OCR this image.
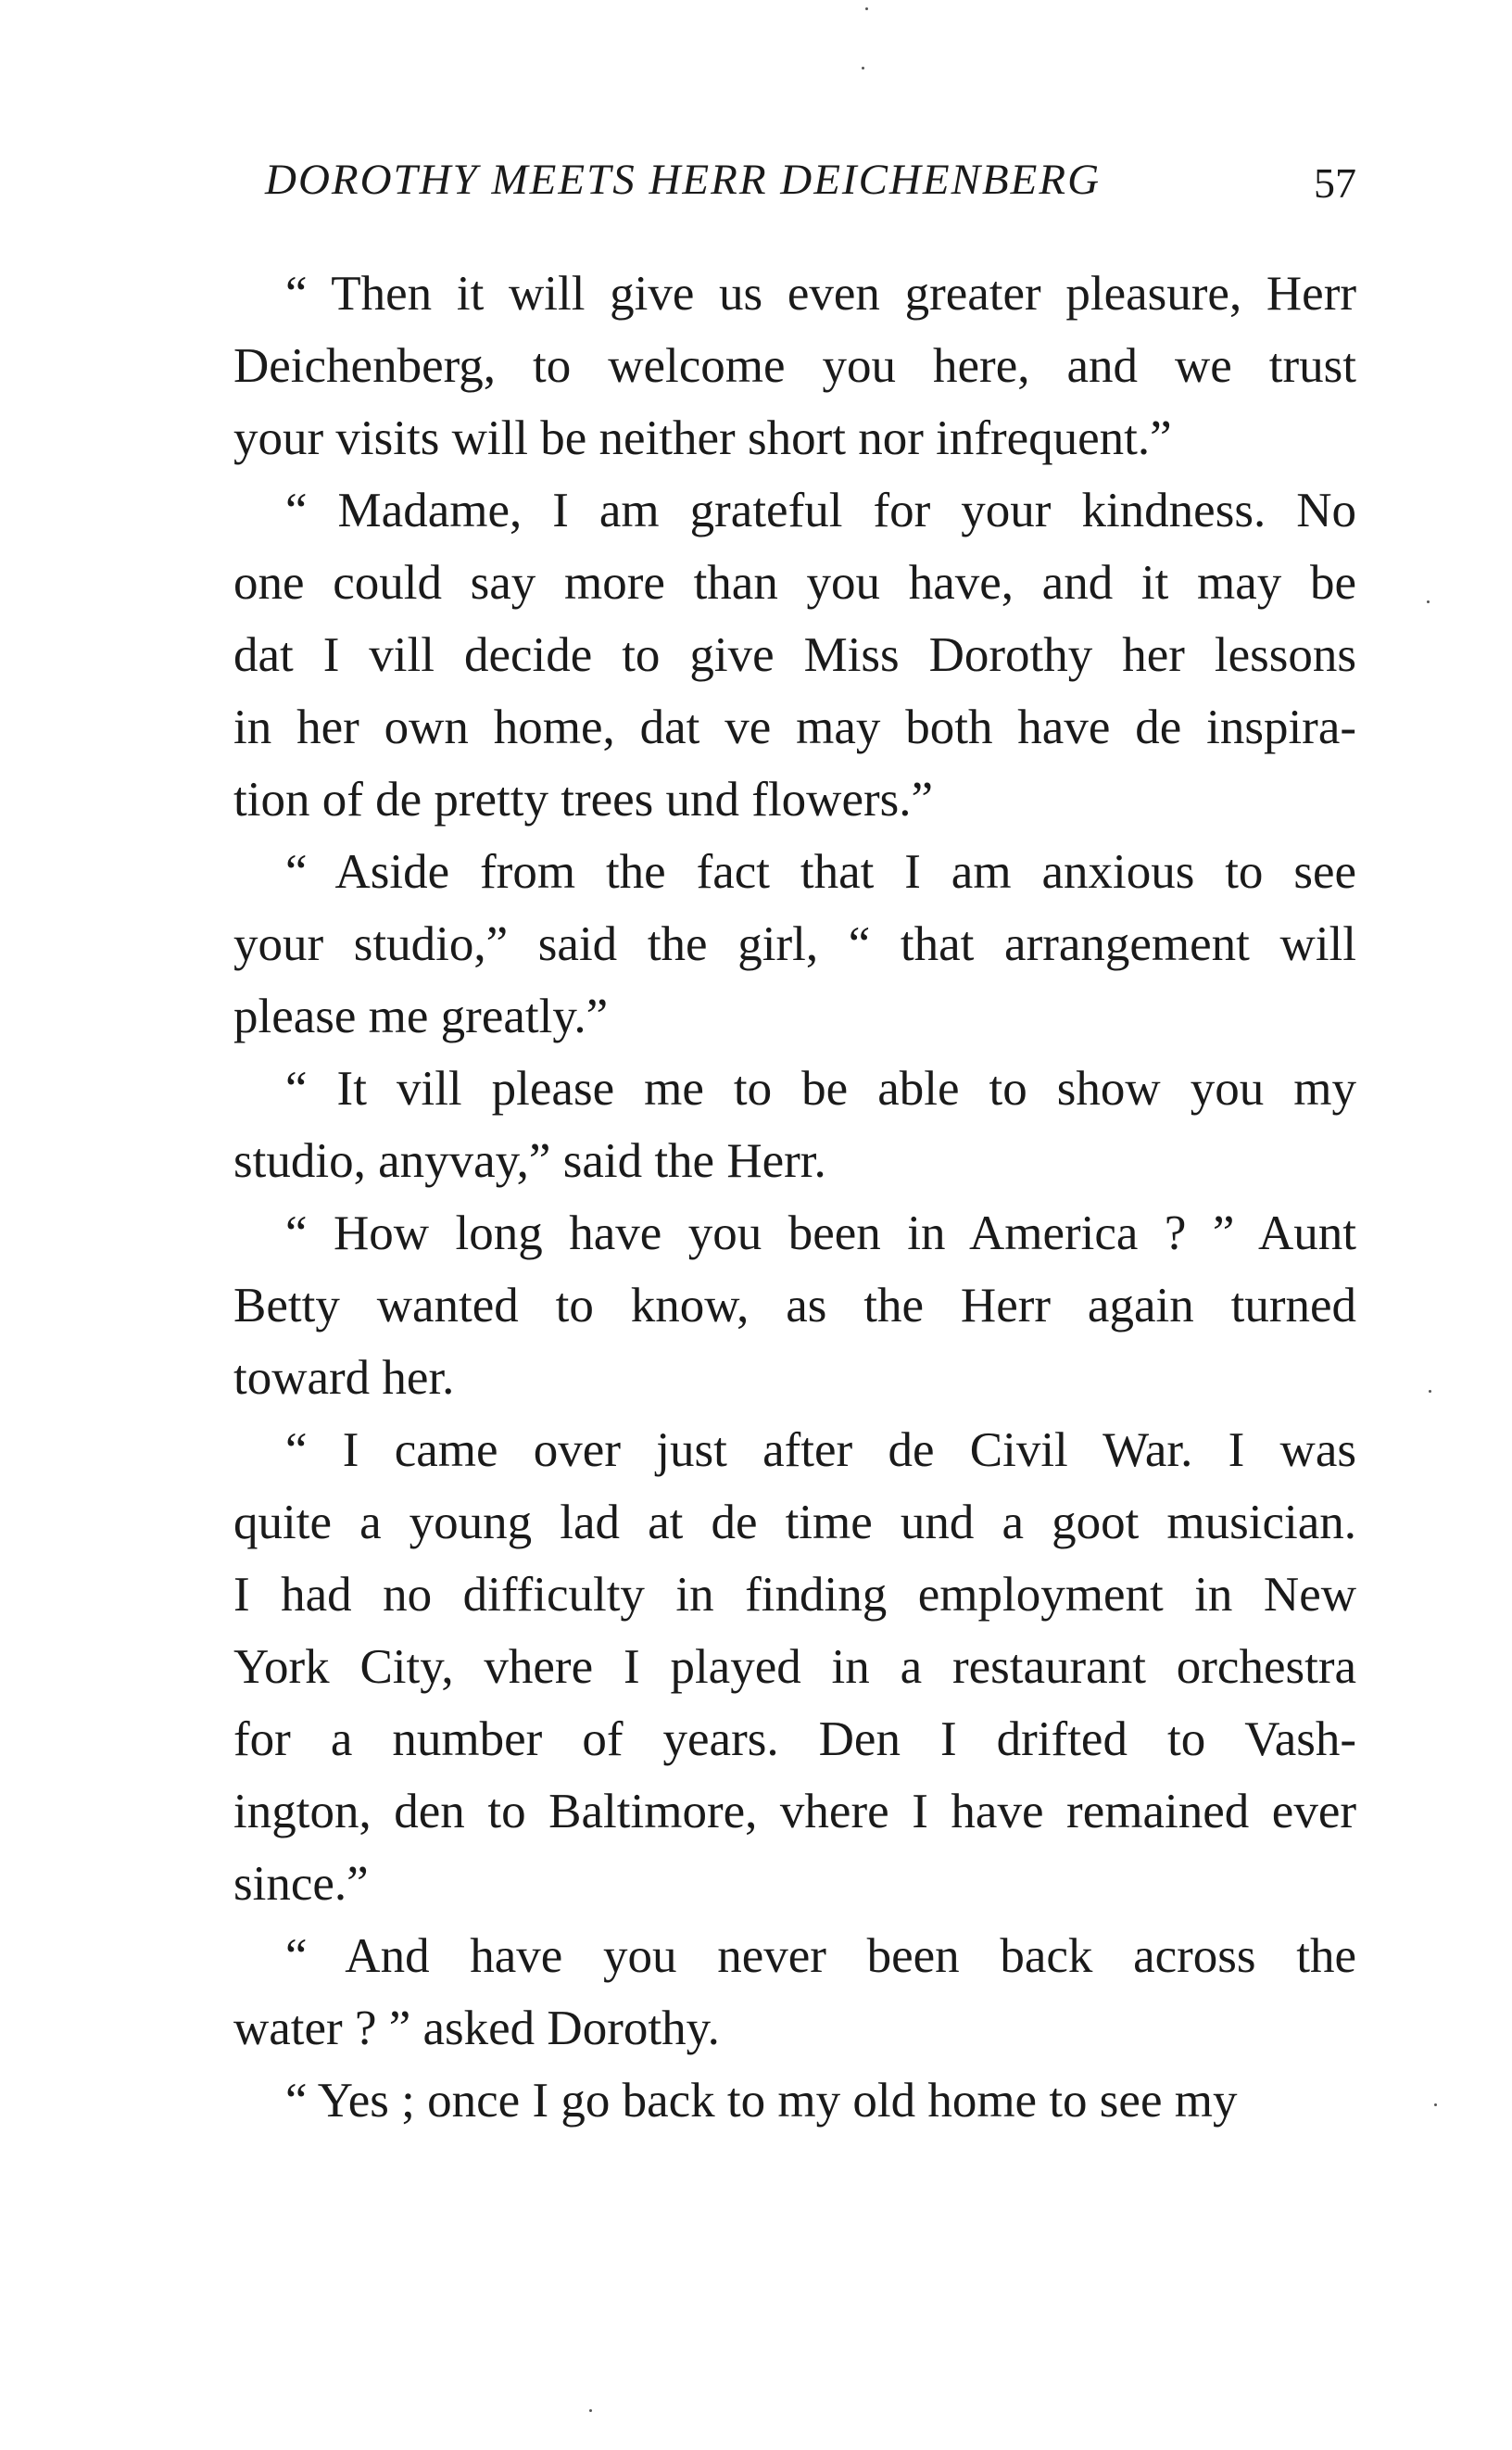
DOROTHY MEETS HERR DEICHENBERG	57
“ Then it will give us even greater pleasure, Herr
Deichenberg, to welcome you here, and we trust
your visits will be neither short nor infrequent.”
“ Madame, I am grateful for your kindness. No
one could say more than you have, and it may be
dat I vill decide to give Miss Dorothy her lessons
in her own home, dat ve may both have de inspira-
tion of de pretty trees und flowers.”
“ Aside from the fact that I am anxious to see
your studio,” said the girl, “ that arrangement will
please me greatly.”
“ It vill please me to be able to show you my
studio, anyvay,” said the Herr.
“ How long have you been in America ? ” Aunt
Betty wanted to know, as the Herr again turned
toward her.
“ I came over just after de Civil War. I was
quite a young lad at de time und a goot musician.
I had no difficulty in finding employment in New
York City, vhere I played in a restaurant orchestra
for a number of years. Den I drifted to Vash-
ington, den to Baltimore, vhere I have remained ever
since.”
“ And have you never been back across the
water ? ” asked Dorothy.
“ Yes ; once I go back to my old home to see my
